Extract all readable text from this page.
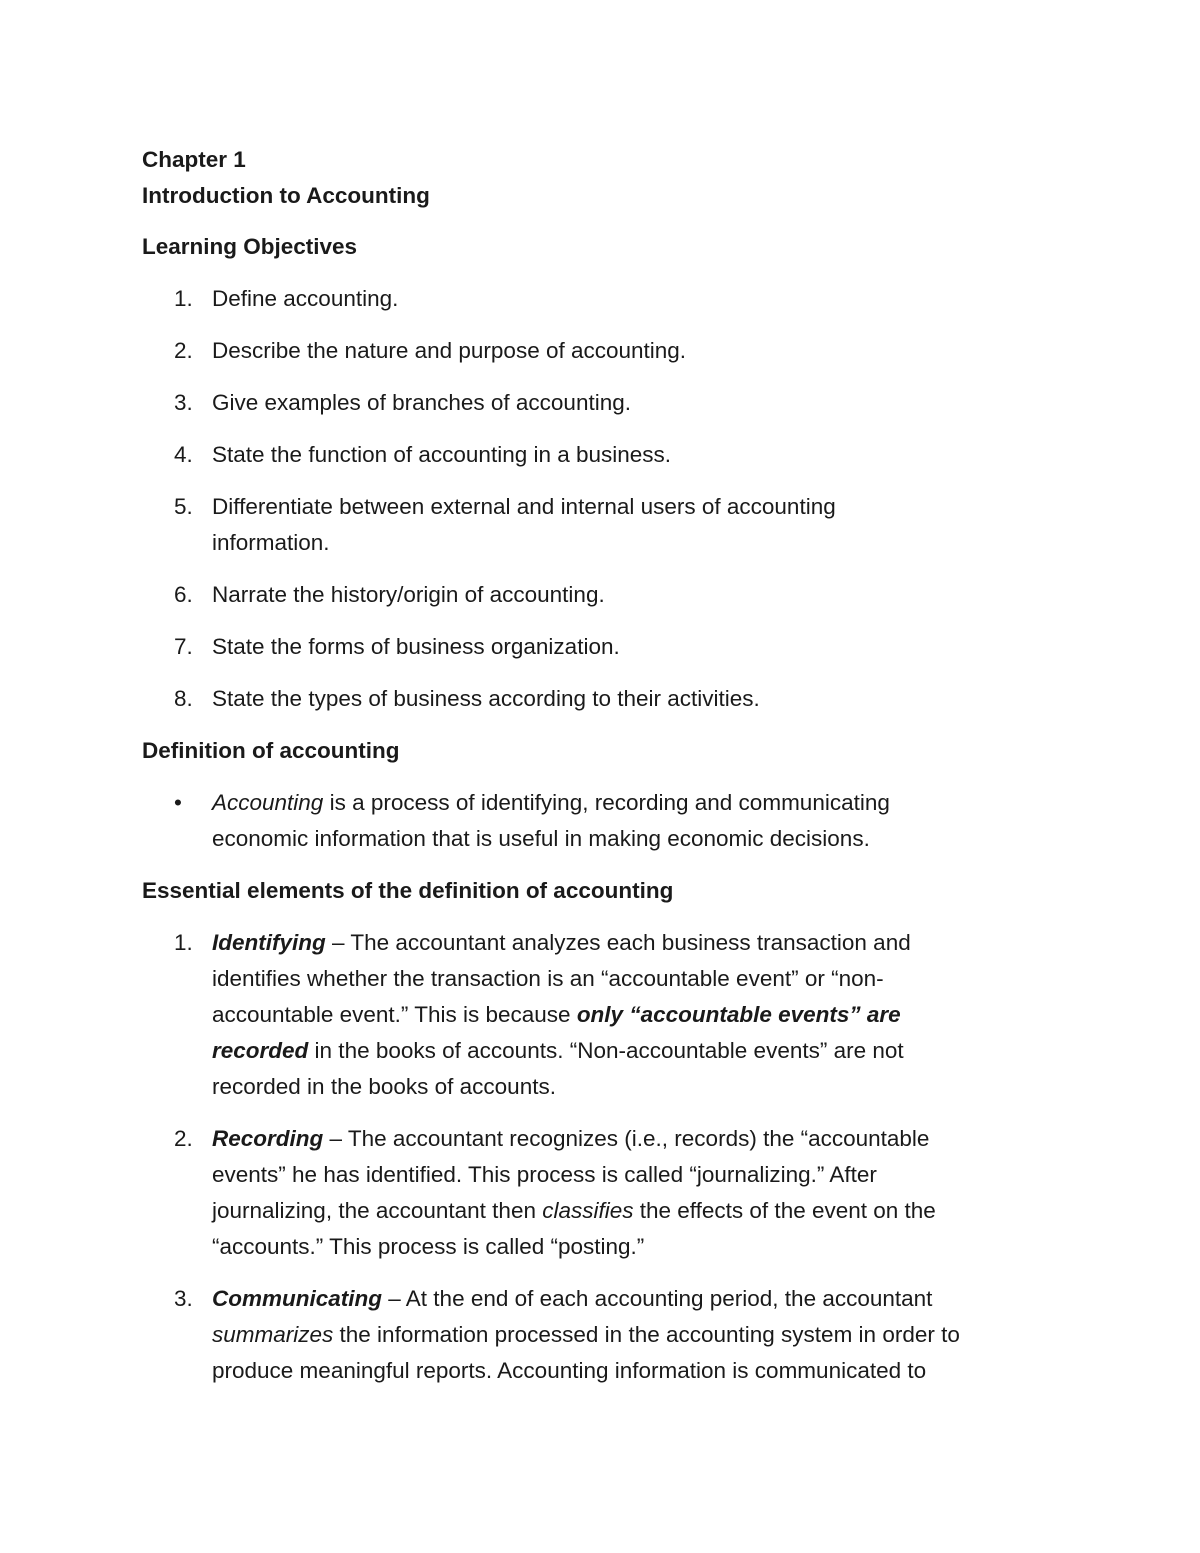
Chapter 1
Introduction to Accounting
Learning Objectives
1. Define accounting.
2. Describe the nature and purpose of accounting.
3. Give examples of branches of accounting.
4. State the function of accounting in a business.
5. Differentiate between external and internal users of accounting
information.
6. Narrate the history/origin of accounting.
7. State the forms of business organization.
8. State the types of business according to their activities.
Definition of accounting
• Accounting is a process of identifying, recording and communicating
economic information that is useful in making economic decisions.
Essential elements of the definition of accounting
1. Identifying – The accountant analyzes each business transaction and
identifies whether the transaction is an “accountable event” or “non-
accountable event.” This is because only “accountable events” are
recorded in the books of accounts. “Non-accountable events” are not
recorded in the books of accounts.
2. Recording – The accountant recognizes (i.e., records) the “accountable
events” he has identified. This process is called “journalizing.” After
journalizing, the accountant then classifies the effects of the event on the
“accounts.” This process is called “posting.”
3. Communicating – At the end of each accounting period, the accountant
summarizes the information processed in the accounting system in order to
produce meaningful reports. Accounting information is communicated to
